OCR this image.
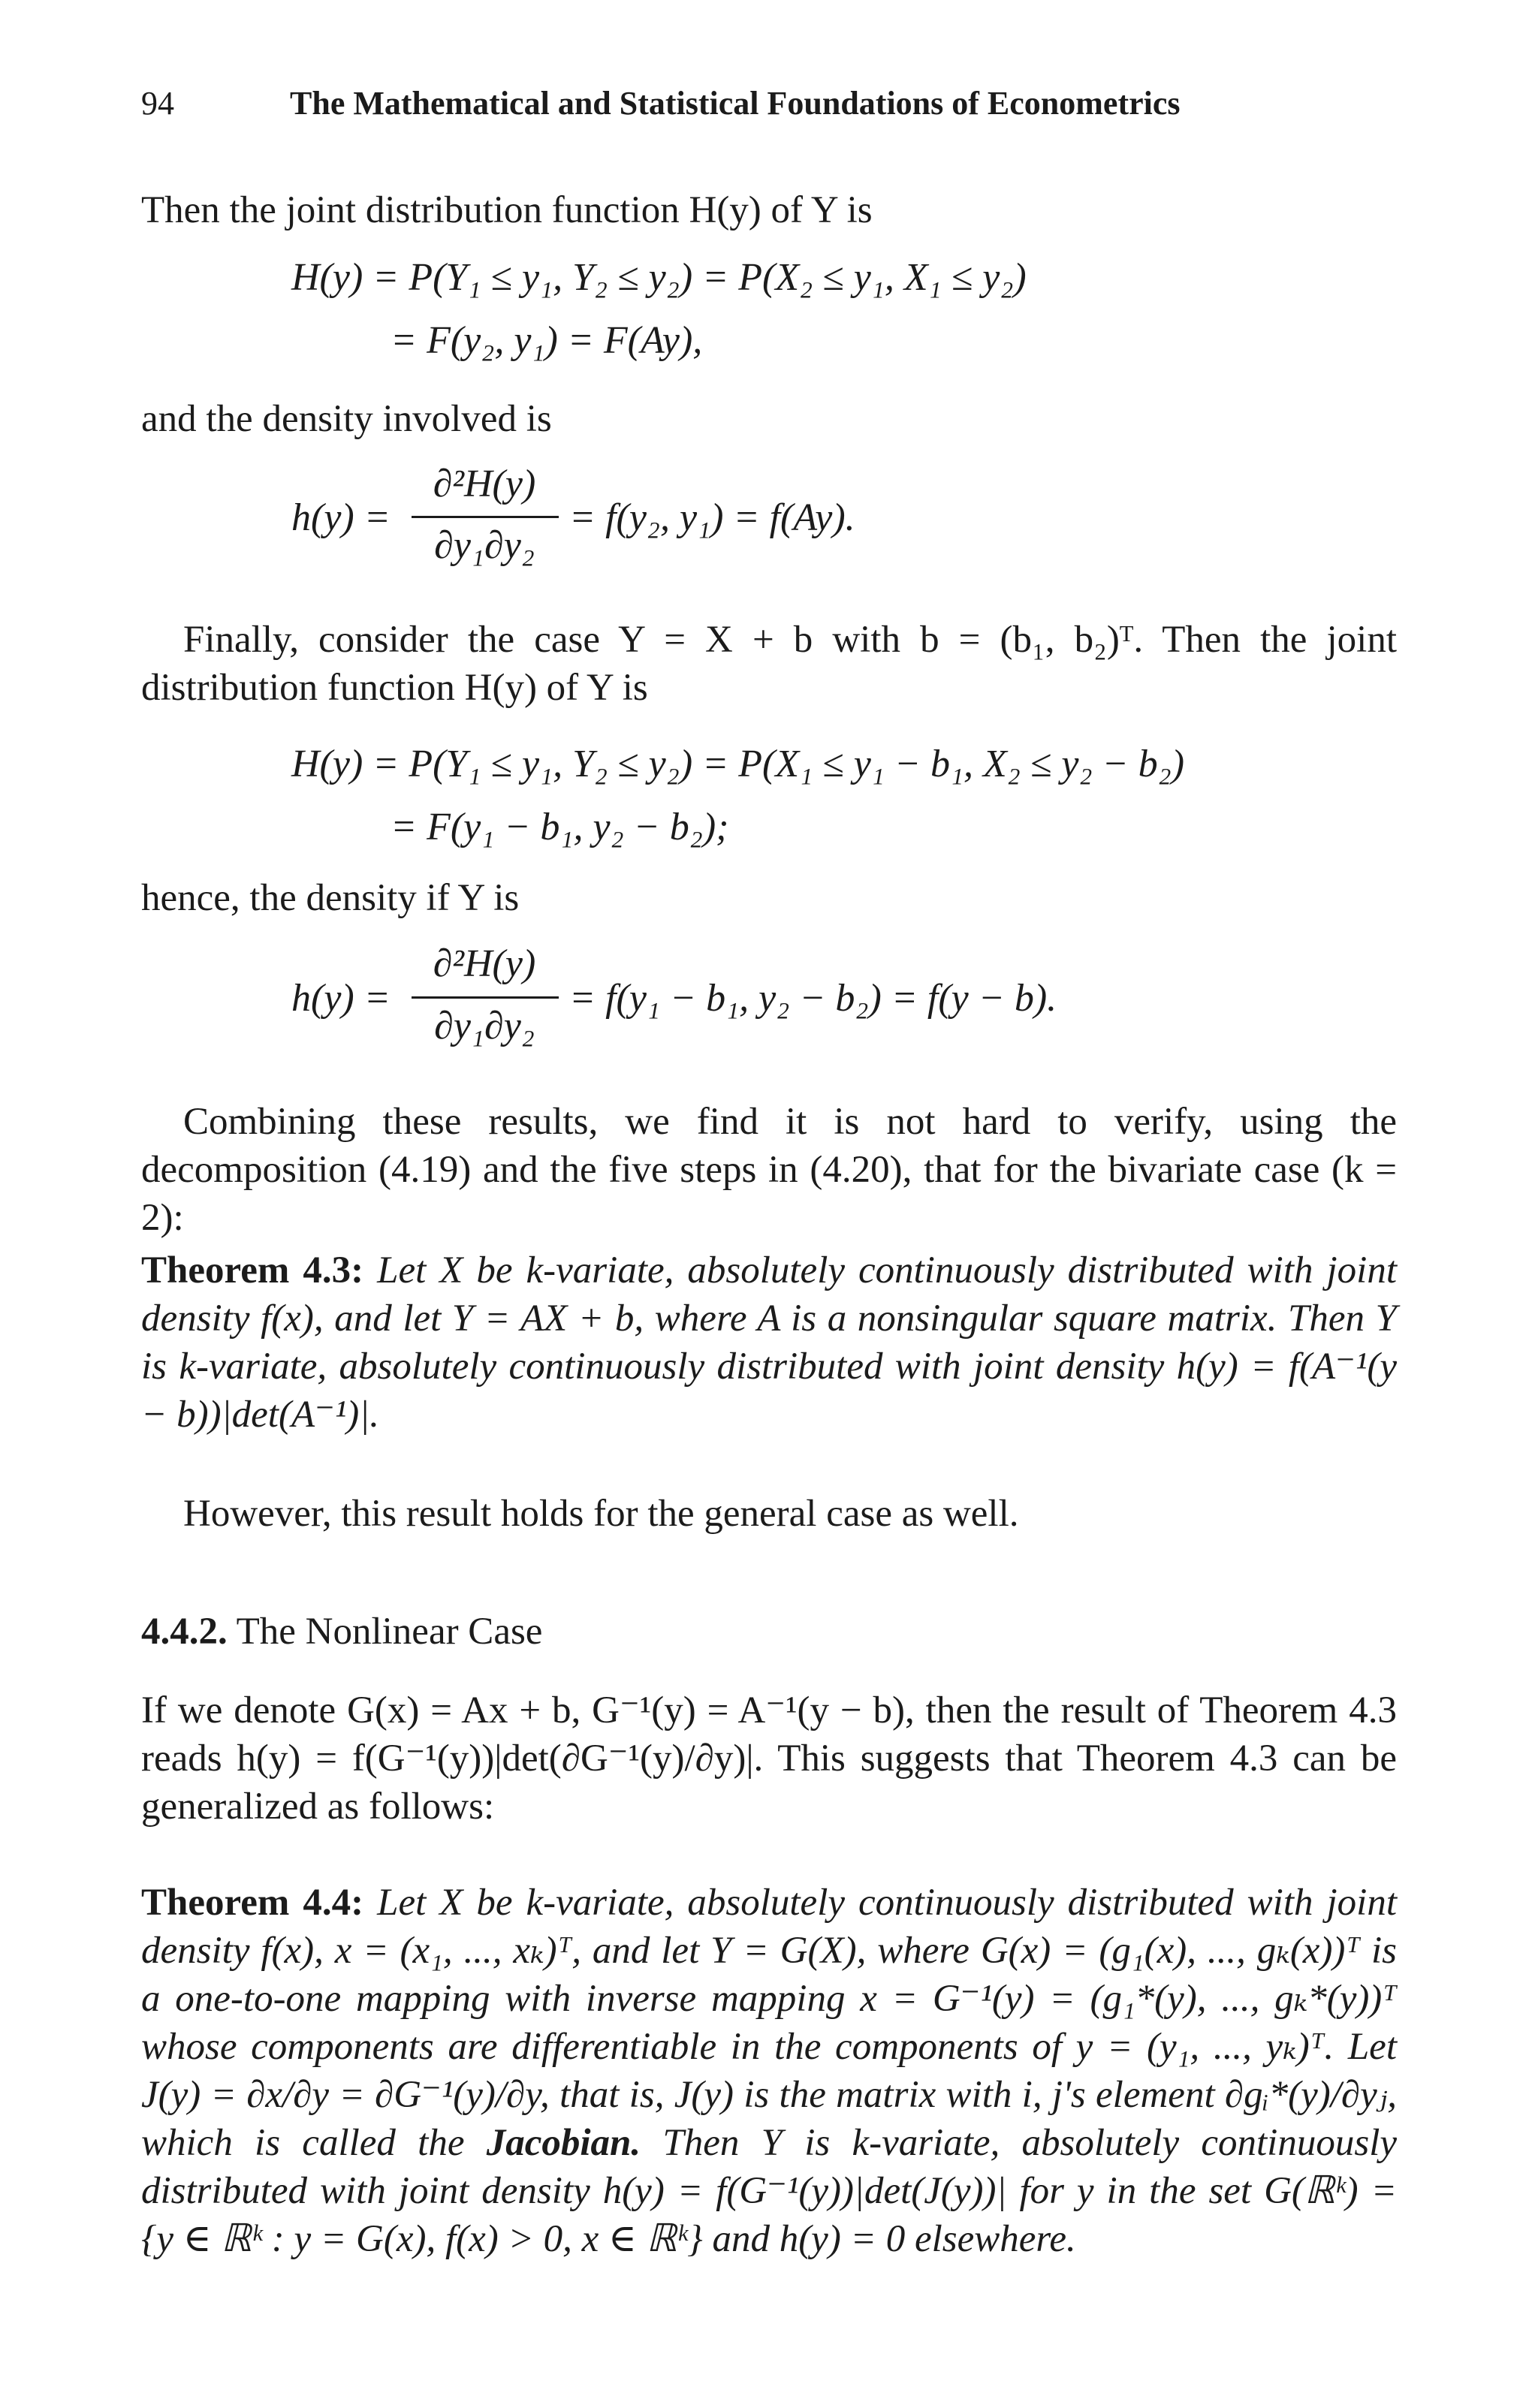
94	The Mathematical and Statistical Foundations of Econometrics
Then the joint distribution function H(y) of Y is
H(y) = P(Y₁ ≤ y₁, Y₂ ≤ y₂) = P(X₂ ≤ y₁, X₁ ≤ y₂)
= F(y₂, y₁) = F(Ay),
and the density involved is
h(y) =
∂²H(y)
∂y₁∂y₂
= f(y₂, y₁) = f(Ay).
Finally, consider the case Y = X + b with b = (b₁, b₂)ᵀ. Then the joint distribution function H(y) of Y is
H(y) = P(Y₁ ≤ y₁, Y₂ ≤ y₂) = P(X₁ ≤ y₁ − b₁, X₂ ≤ y₂ − b₂)
= F(y₁ − b₁, y₂ − b₂);
hence, the density if Y is
h(y) =
∂²H(y)
∂y₁∂y₂
= f(y₁ − b₁, y₂ − b₂) = f(y − b).
Combining these results, we find it is not hard to verify, using the decomposition (4.19) and the five steps in (4.20), that for the bivariate case (k = 2):
Theorem 4.3: Let X be k-variate, absolutely continuously distributed with joint density f(x), and let Y = AX + b, where A is a nonsingular square matrix. Then Y is k-variate, absolutely continuously distributed with joint density h(y) = f(A⁻¹(y − b))|det(A⁻¹)|.
However, this result holds for the general case as well.
4.4.2. The Nonlinear Case
If we denote G(x) = Ax + b, G⁻¹(y) = A⁻¹(y − b), then the result of Theorem 4.3 reads h(y) = f(G⁻¹(y))|det(∂G⁻¹(y)/∂y)|. This suggests that Theorem 4.3 can be generalized as follows:
Theorem 4.4: Let X be k-variate, absolutely continuously distributed with joint density f(x), x = (x₁, ..., xₖ)ᵀ, and let Y = G(X), where G(x) = (g₁(x), ..., gₖ(x))ᵀ is a one-to-one mapping with inverse mapping x = G⁻¹(y) = (g₁*(y), ..., gₖ*(y))ᵀ whose components are differentiable in the components of y = (y₁, ..., yₖ)ᵀ. Let J(y) = ∂x/∂y = ∂G⁻¹(y)/∂y, that is, J(y) is the matrix with i, j's element ∂gᵢ*(y)/∂yⱼ, which is called the Jacobian. Then Y is k-variate, absolutely continuously distributed with joint density h(y) = f(G⁻¹(y))|det(J(y))| for y in the set G(ℝᵏ) = {y ∈ ℝᵏ : y = G(x), f(x) > 0, x ∈ ℝᵏ} and h(y) = 0 elsewhere.
